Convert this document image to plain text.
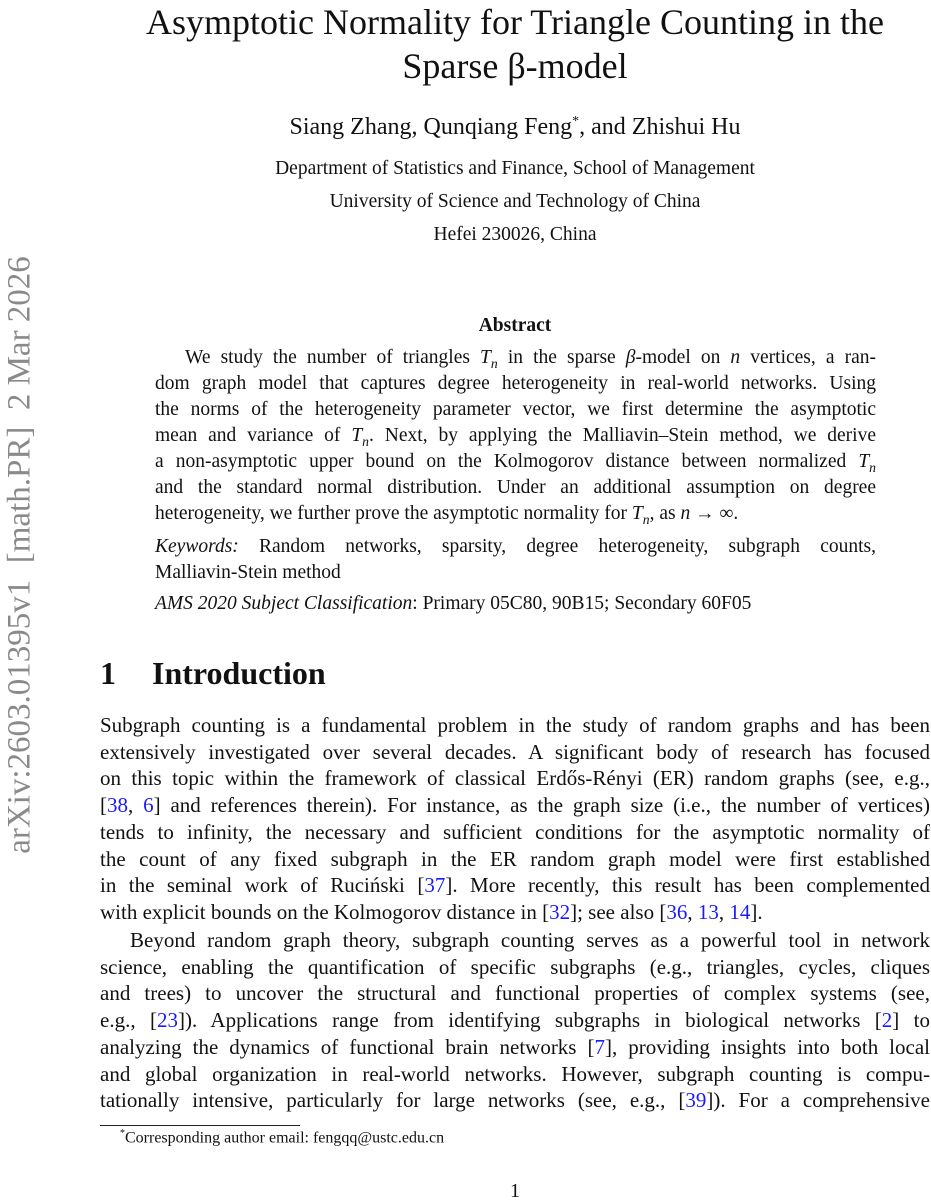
arXiv:2603.01395v1  [math.PR]  2 Mar 2026
Asymptotic Normality for Triangle Counting in the
Sparse β-model
Siang Zhang, Qunqiang Feng*, and Zhishui Hu
Department of Statistics and Finance, School of Management
University of Science and Technology of China
Hefei 230026, China
Abstract
We study the number of triangles $T_n$ in the sparse β-model on n vertices, a ran-
dom graph model that captures degree heterogeneity in real-world networks. Using
the norms of the heterogeneity parameter vector, we first determine the asymptotic
mean and variance of $T_n$. Next, by applying the Malliavin–Stein method, we derive
a non-asymptotic upper bound on the Kolmogorov distance between normalized $T_n$
and the standard normal distribution. Under an additional assumption on degree
heterogeneity, we further prove the asymptotic normality for $T_n$, as n → ∞.
Keywords: Random networks, sparsity, degree heterogeneity, subgraph counts,
Malliavin-Stein method
AMS 2020 Subject Classification: Primary 05C80, 90B15; Secondary 60F05
1 Introduction
Subgraph counting is a fundamental problem in the study of random graphs and has been
extensively investigated over several decades. A significant body of research has focused
on this topic within the framework of classical Erdős-Rényi (ER) random graphs (see, e.g.,
[38, 6] and references therein). For instance, as the graph size (i.e., the number of vertices)
tends to infinity, the necessary and sufficient conditions for the asymptotic normality of
the count of any fixed subgraph in the ER random graph model were first established
in the seminal work of Ruciński [37]. More recently, this result has been complemented
with explicit bounds on the Kolmogorov distance in [32]; see also [36, 13, 14].
Beyond random graph theory, subgraph counting serves as a powerful tool in network
science, enabling the quantification of specific subgraphs (e.g., triangles, cycles, cliques
and trees) to uncover the structural and functional properties of complex systems (see,
e.g., [23]). Applications range from identifying subgraphs in biological networks [2] to
analyzing the dynamics of functional brain networks [7], providing insights into both local
and global organization in real-world networks. However, subgraph counting is compu-
tationally intensive, particularly for large networks (see, e.g., [39]). For a comprehensive
*Corresponding author email: fengqq@ustc.edu.cn
1
